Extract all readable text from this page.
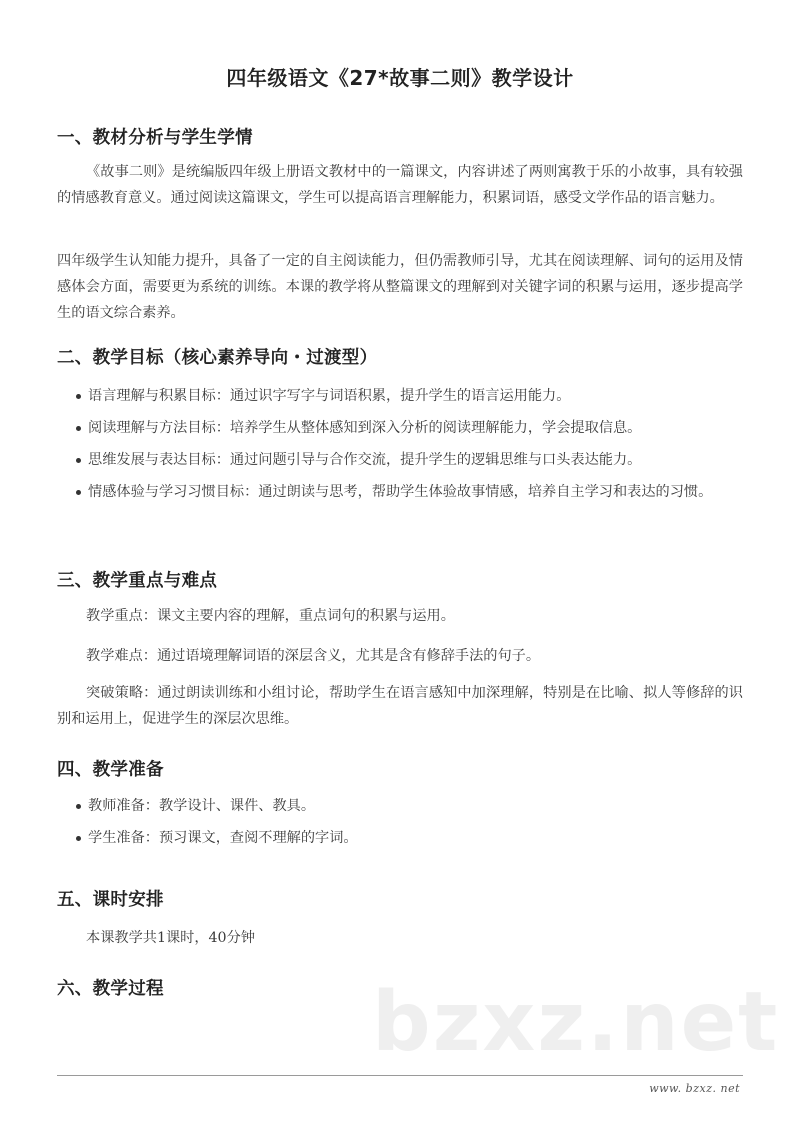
四年级语文《27*故事二则》教学设计
一、教材分析与学生学情
《故事二则》是统编版四年级上册语文教材中的一篇课文，内容讲述了两则寓教于乐的小故事，具有较强的情感教育意义。通过阅读这篇课文，学生可以提高语言理解能力，积累词语，感受文学作品的语言魅力。
四年级学生认知能力提升，具备了一定的自主阅读能力，但仍需教师引导，尤其在阅读理解、词句的运用及情感体会方面，需要更为系统的训练。本课的教学将从整篇课文的理解到对关键字词的积累与运用，逐步提高学生的语文综合素养。
二、教学目标（核心素养导向・过渡型）
语言理解与积累目标：通过识字写字与词语积累，提升学生的语言运用能力。
阅读理解与方法目标：培养学生从整体感知到深入分析的阅读理解能力，学会提取信息。
思维发展与表达目标：通过问题引导与合作交流，提升学生的逻辑思维与口头表达能力。
情感体验与学习习惯目标：通过朗读与思考，帮助学生体验故事情感，培养自主学习和表达的习惯。
三、教学重点与难点
教学重点：课文主要内容的理解，重点词句的积累与运用。
教学难点：通过语境理解词语的深层含义，尤其是含有修辞手法的句子。
突破策略：通过朗读训练和小组讨论，帮助学生在语言感知中加深理解，特别是在比喻、拟人等修辞的识别和运用上，促进学生的深层次思维。
四、教学准备
教师准备：教学设计、课件、教具。
学生准备：预习课文，查阅不理解的字词。
五、课时安排
本课教学共1课时，40分钟
六、教学过程	bzxz.net
www. bzxz. net
